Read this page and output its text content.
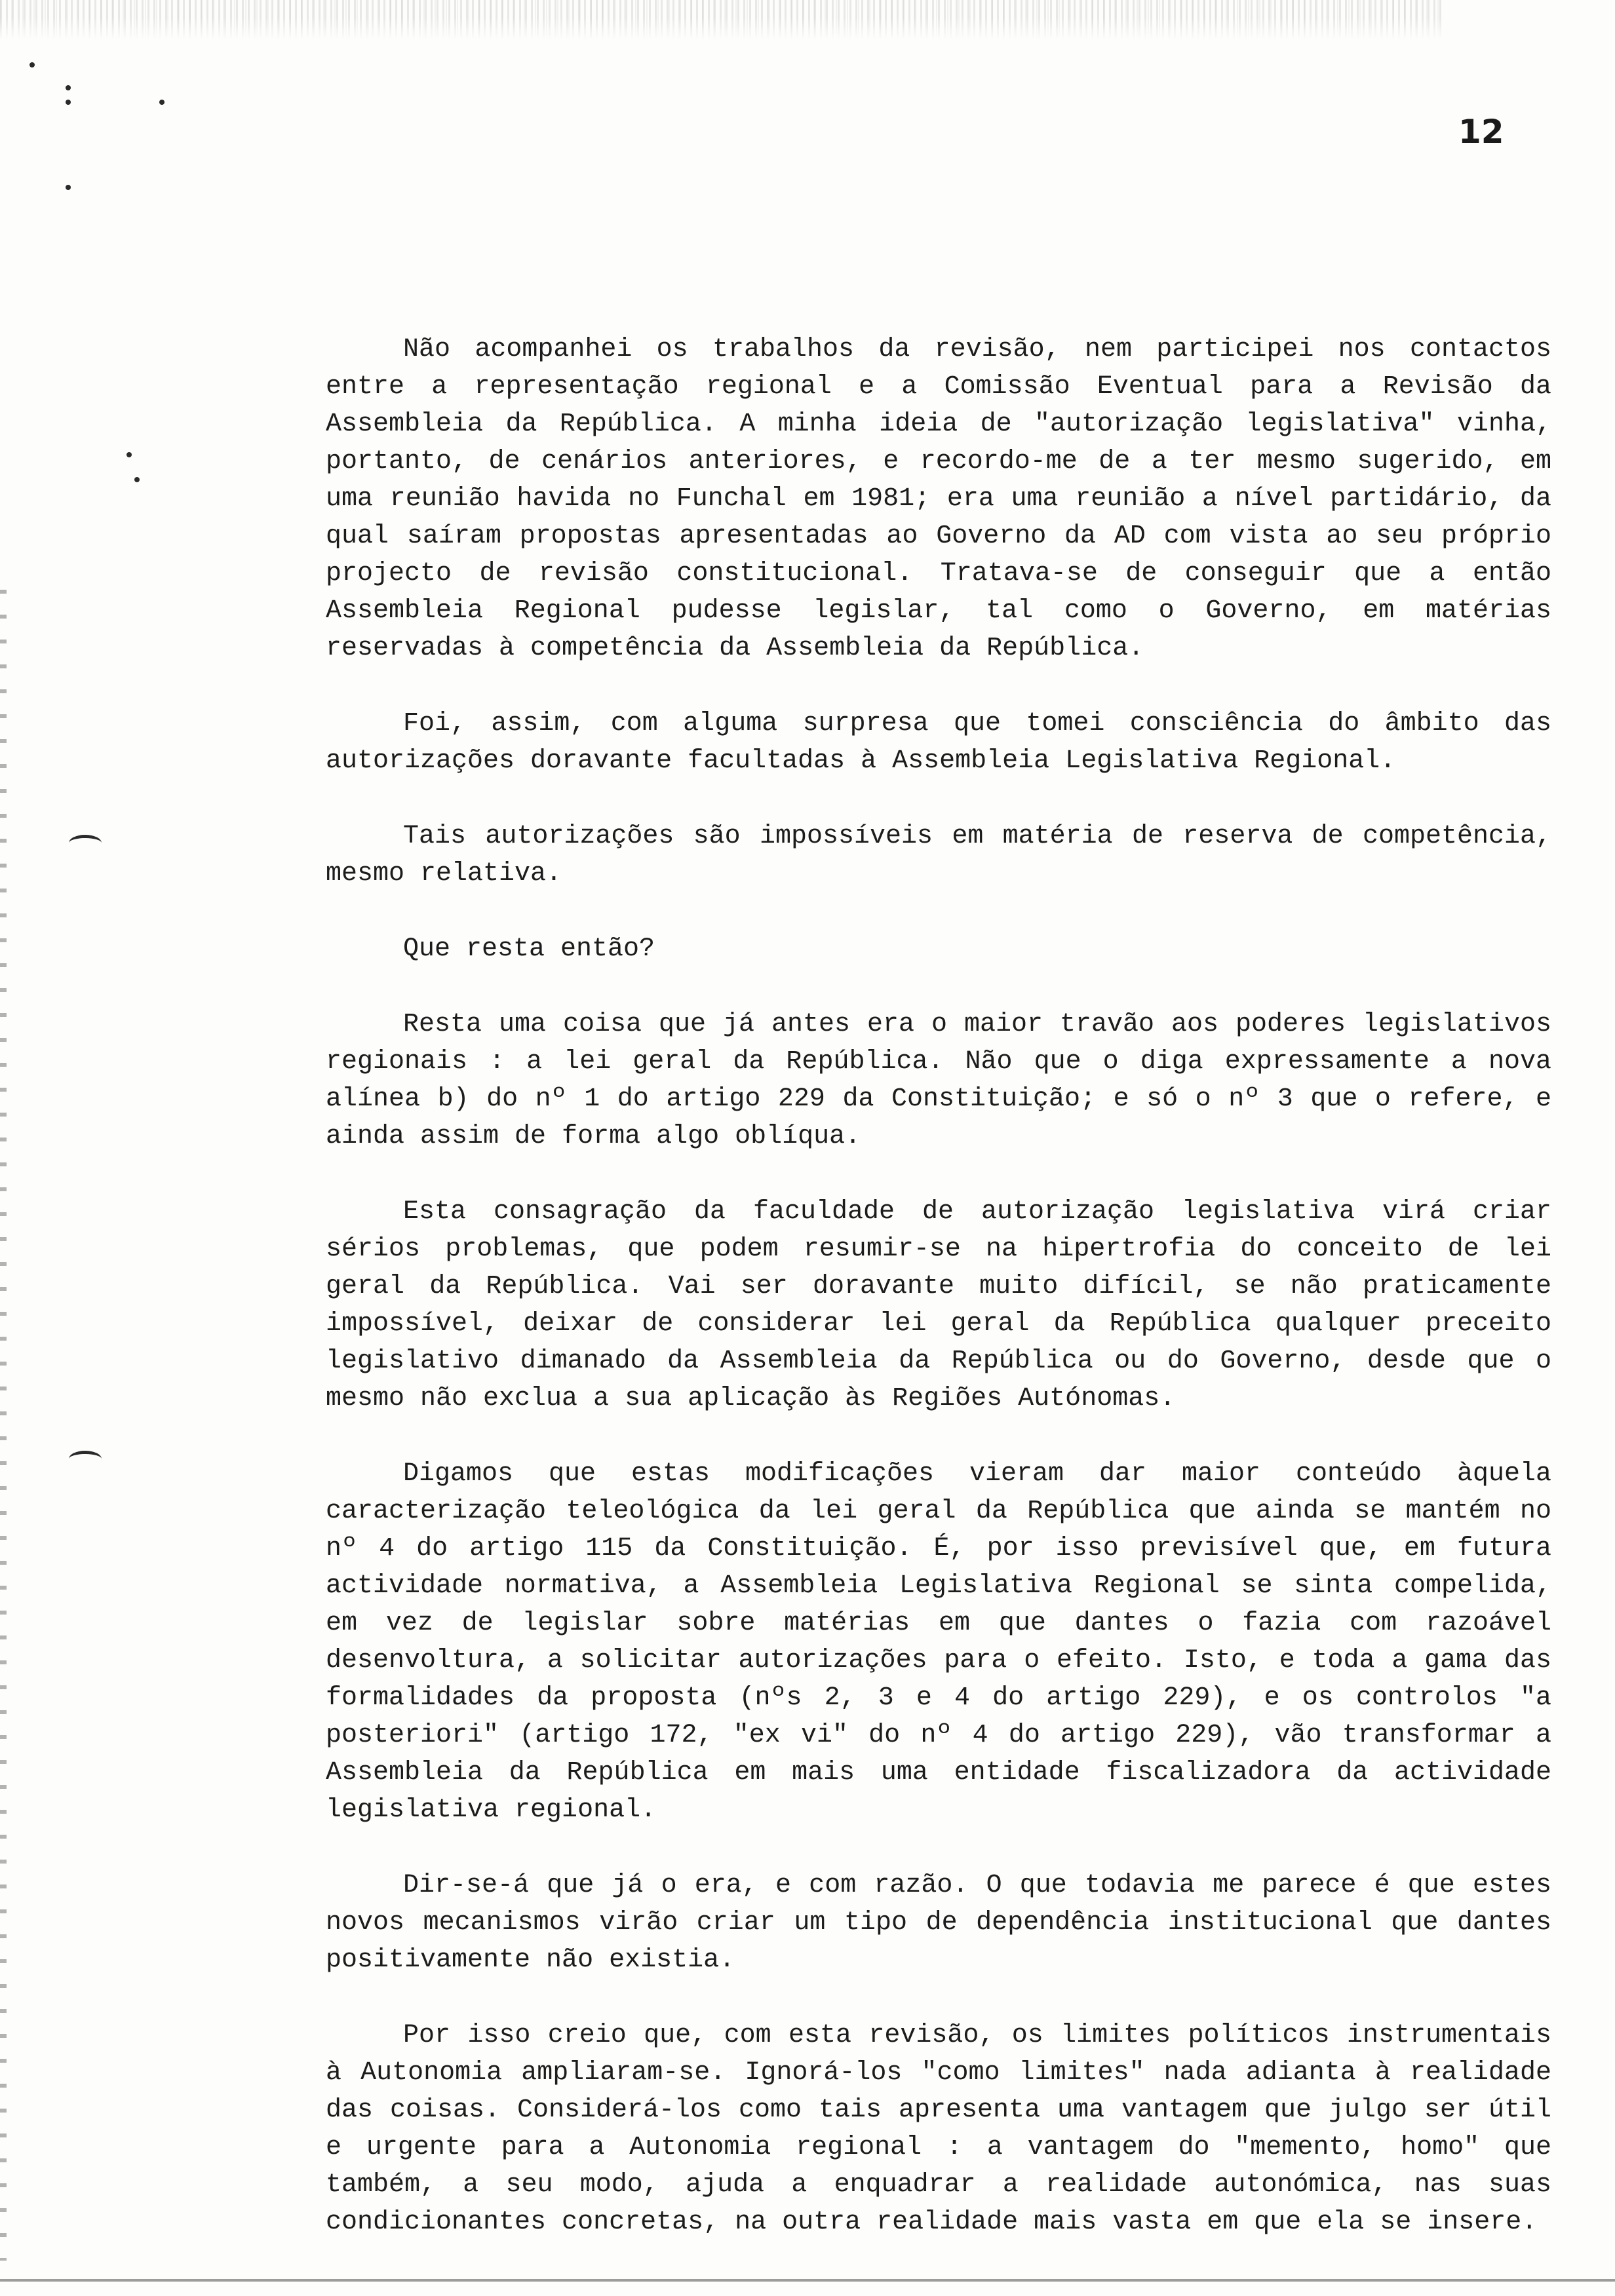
12

Não acompanhei os trabalhos da revisão, nem participei nos contactos entre a representação regional e a Comissão Eventual para a Revisão da Assembleia da República. A minha ideia de "autorização legislativa" vinha, portanto, de cenários anteriores, e recordo-me de a ter mesmo sugerido, em uma reunião havida no Funchal em 1981; era uma reunião a nível partidário, da qual saíram propostas apresentadas ao Governo da AD com vista ao seu próprio projecto de revisão constitucional. Tratava-se de conseguir que a então Assembleia Regional pudesse legislar, tal como o Governo, em matérias reservadas à competência da Assembleia da República.

Foi, assim, com alguma surpresa que tomei consciência do âmbito das autorizações doravante facultadas à Assembleia Legislativa Regional.

Tais autorizações são impossíveis em matéria de reserva de competência, mesmo relativa.

Que resta então?

Resta uma coisa que já antes era o maior travão aos poderes legislativos regionais : a lei geral da República. Não que o diga expressamente a nova alínea b) do nº 1 do artigo 229 da Constituição; e só o nº 3 que o refere, e ainda assim de forma algo oblíqua.

Esta consagração da faculdade de autorização legislativa virá criar sérios problemas, que podem resumir-se na hipertrofia do conceito de lei geral da República. Vai ser doravante muito difícil, se não praticamente impossível, deixar de considerar lei geral da República qualquer preceito legislativo dimanado da Assembleia da República ou do Governo, desde que o mesmo não exclua a sua aplicação às Regiões Autónomas.

Digamos que estas modificações vieram dar maior conteúdo àquela caracterização teleológica da lei geral da República que ainda se mantém no nº 4 do artigo 115 da Constituição. É, por isso previsível que, em futura actividade normativa, a Assembleia Legislativa Regional se sinta compelida, em vez de legislar sobre matérias em que dantes o fazia com razoável desenvoltura, a solicitar autorizações para o efeito. Isto, e toda a gama das formalidades da proposta (nºs 2, 3 e 4 do artigo 229), e os controlos "a posteriori" (artigo 172, "ex vi" do nº 4 do artigo 229), vão transformar a Assembleia da República em mais uma entidade fiscalizadora da actividade legislativa regional.

Dir-se-á que já o era, e com razão. O que todavia me parece é que estes novos mecanismos virão criar um tipo de dependência institucional que dantes positivamente não existia.

Por isso creio que, com esta revisão, os limites políticos instrumentais à Autonomia ampliaram-se. Ignorá-los "como limites" nada adianta à realidade das coisas. Considerá-los como tais apresenta uma vantagem que julgo ser útil e urgente para a Autonomia regional : a vantagem do "memento, homo" que também, a seu modo, ajuda a enquadrar a realidade autonómica, nas suas condicionantes concretas, na outra realidade mais vasta em que ela se insere.
